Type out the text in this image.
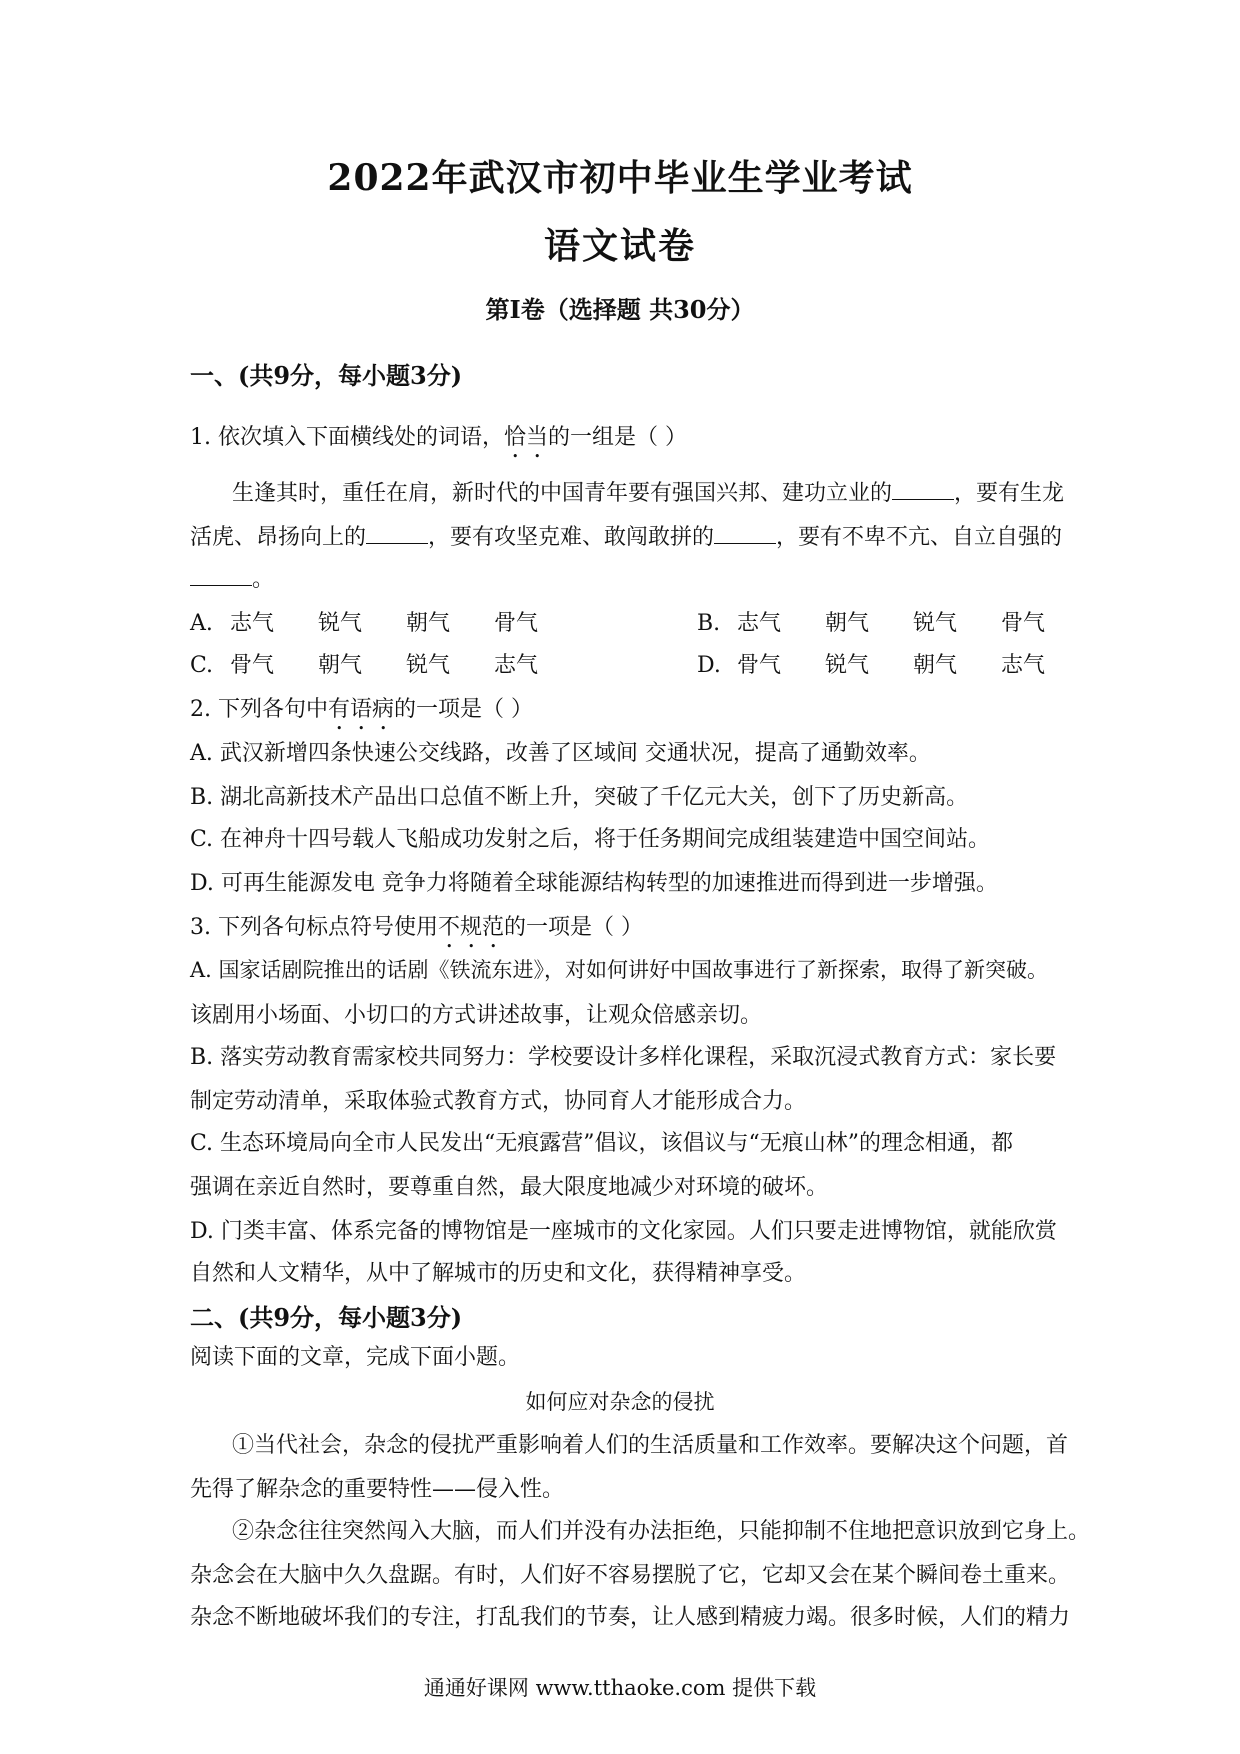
2022年武汉市初中毕业生学业考试
语文试卷
第Ⅰ卷（选择题 共30分）
一、(共9分，每小题3分)
1. 依次填入下面横线处的词语，恰当的一组是（ ）
生逢其时，重任在肩，新时代的中国青年要有强国兴邦、建功立业的	，要有生龙
活虎、昂扬向上的	，要有攻坚克难、敢闯敢拼的	，要有不卑不亢、自立自强的
。
A.志气 锐气 朝气 骨气	B.志气 朝气 锐气 骨气
C.骨气 朝气 锐气 志气	D.骨气 锐气 朝气 志气
2. 下列各句中有语病的一项是（ ）
A. 武汉新增四条快速公交线路，改善了区域间 交通状况，提高了通勤效率。
B. 湖北高新技术产品出口总值不断上升，突破了千亿元大关，创下了历史新高。
C. 在神舟十四号载人飞船成功发射之后，将于任务期间完成组装建造中国空间站。
D. 可再生能源发电 竞争力将随着全球能源结构转型的加速推进而得到进一步增强。
3. 下列各句标点符号使用不规范的一项是（ ）
A. 国家话剧院推出的话剧《铁流东进》，对如何讲好中国故事进行了新探索，取得了新突破。
该剧用小场面、小切口的方式讲述故事，让观众倍感亲切。
B. 落实劳动教育需家校共同努力：学校要设计多样化课程，采取沉浸式教育方式：家长要
制定劳动清单，采取体验式教育方式，协同育人才能形成合力。
C. 生态环境局向全市人民发出“无痕露营”倡议，该倡议与“无痕山林”的理念相通，都
强调在亲近自然时，要尊重自然，最大限度地减少对环境的破坏。
D. 门类丰富、体系完备的博物馆是一座城市的文化家园。人们只要走进博物馆，就能欣赏
自然和人文精华，从中了解城市的历史和文化，获得精神享受。
二、(共9分，每小题3分)
阅读下面的文章，完成下面小题。
如何应对杂念的侵扰
①当代社会，杂念的侵扰严重影响着人们的生活质量和工作效率。要解决这个问题，首
先得了解杂念的重要特性——侵入性。
②杂念往往突然闯入大脑，而人们并没有办法拒绝，只能抑制不住地把意识放到它身上。
杂念会在大脑中久久盘踞。有时，人们好不容易摆脱了它，它却又会在某个瞬间卷土重来。
杂念不断地破坏我们的专注，打乱我们的节奏，让人感到精疲力竭。很多时候，人们的精力
通通好课网 www.tthaoke.com 提供下载
